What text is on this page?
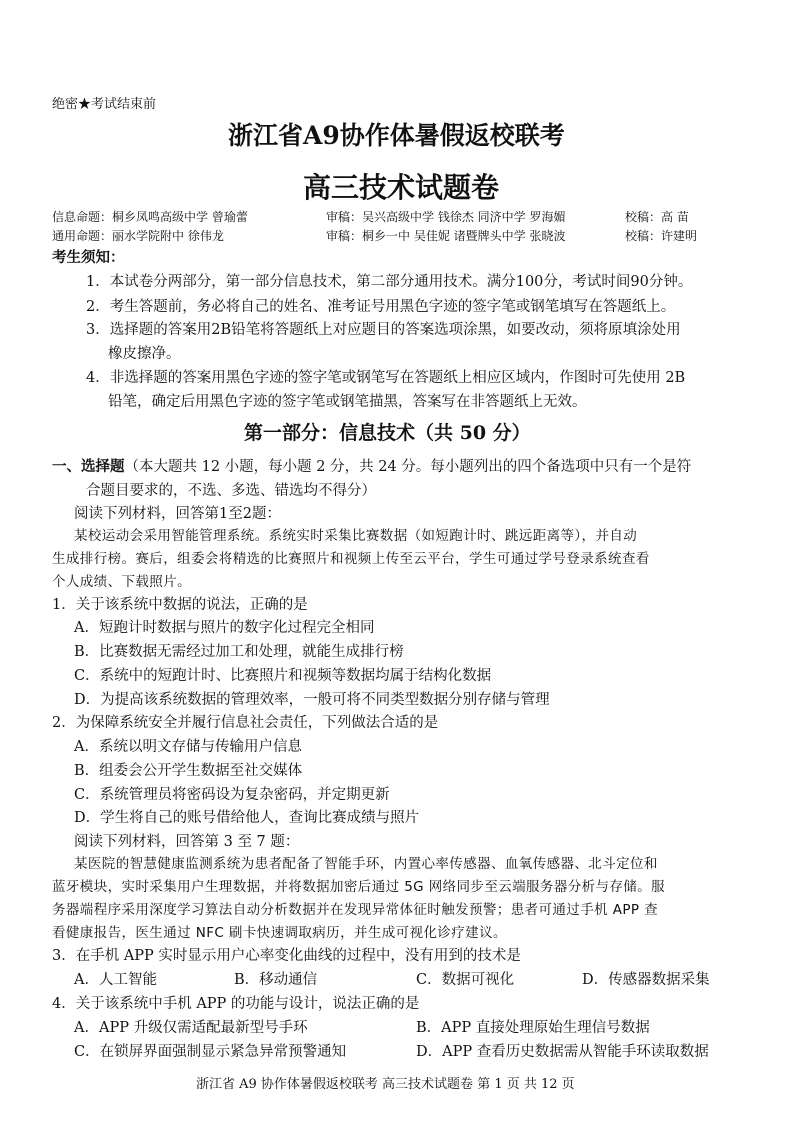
绝密★考试结束前
浙江省A9协作体暑假返校联考
高三技术试题卷
信息命题：桐乡凤鸣高级中学 曾瑜蕾	审稿：吴兴高级中学 钱徐杰 同济中学 罗海媚	校稿：高 苗
通用命题：丽水学院附中 徐伟龙	审稿：桐乡一中 吴佳妮 诸暨牌头中学 张晓波	校稿：许建明
考生须知：
1．本试卷分两部分，第一部分信息技术，第二部分通用技术。满分100分，考试时间90分钟。
2．考生答题前，务必将自己的姓名、准考证号用黑色字迹的签字笔或钢笔填写在答题纸上。
3．选择题的答案用2B铅笔将答题纸上对应题目的答案选项涂黑，如要改动，须将原填涂处用
橡皮擦净。
4．非选择题的答案用黑色字迹的签字笔或钢笔写在答题纸上相应区域内，作图时可先使用 2B
铅笔，确定后用黑色字迹的签字笔或钢笔描黑，答案写在非答题纸上无效。
第一部分：信息技术（共 50 分）
一、选择题（本大题共 12 小题，每小题 2 分，共 24 分。每小题列出的四个备选项中只有一个是符
合题目要求的，不选、多选、错选均不得分）
阅读下列材料，回答第1至2题：
某校运动会采用智能管理系统。系统实时采集比赛数据（如短跑计时、跳远距离等），并自动
生成排行榜。赛后，组委会将精选的比赛照片和视频上传至云平台，学生可通过学号登录系统查看
个人成绩、下载照片。
1．关于该系统中数据的说法，正确的是
A．短跑计时数据与照片的数字化过程完全相同
B．比赛数据无需经过加工和处理，就能生成排行榜
C．系统中的短跑计时、比赛照片和视频等数据均属于结构化数据
D．为提高该系统数据的管理效率，一般可将不同类型数据分别存储与管理
2．为保障系统安全并履行信息社会责任，下列做法合适的是
A．系统以明文存储与传输用户信息
B．组委会公开学生数据至社交媒体
C．系统管理员将密码设为复杂密码，并定期更新
D．学生将自己的账号借给他人，查询比赛成绩与照片
阅读下列材料，回答第 3 至 7 题：
某医院的智慧健康监测系统为患者配备了智能手环，内置心率传感器、血氧传感器、北斗定位和
蓝牙模块，实时采集用户生理数据，并将数据加密后通过 5G 网络同步至云端服务器分析与存储。服
务器端程序采用深度学习算法自动分析数据并在发现异常体征时触发预警；患者可通过手机 APP 查
看健康报告，医生通过 NFC 刷卡快速调取病历，并生成可视化诊疗建议。
3．在手机 APP 实时显示用户心率变化曲线的过程中，没有用到的技术是
A．人工智能	B．移动通信	C．数据可视化	D．传感器数据采集
4．关于该系统中手机 APP 的功能与设计，说法正确的是
A．APP 升级仅需适配最新型号手环	B．APP 直接处理原始生理信号数据
C．在锁屏界面强制显示紧急异常预警通知	D．APP 查看历史数据需从智能手环读取数据
浙江省 A9 协作体暑假返校联考 高三技术试题卷 第 1 页 共 12 页
